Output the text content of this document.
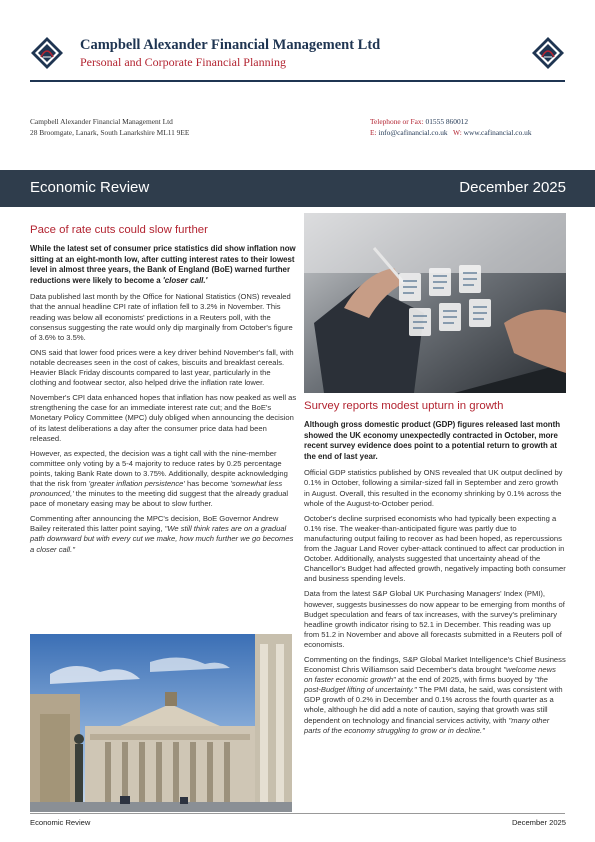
Campbell Alexander Financial Management Ltd
Personal and Corporate Financial Planning
Campbell Alexander Financial Management Ltd
28 Broomgate, Lanark, South Lanarkshire ML11 9EE
Telephone or Fax: 01555 860012
E: info@cafinancial.co.uk W: www.cafinancial.co.uk
Economic Review	December 2025
Pace of rate cuts could slow further

While the latest set of consumer price statistics did show inflation now sitting at an eight-month low, after cutting interest rates to their lowest level in almost three years, the Bank of England (BoE) warned further reductions were likely to become a 'closer call.'

Data published last month by the Office for National Statistics (ONS) revealed that the annual headline CPI rate of inflation fell to 3.2% in November. This reading was below all economists' predictions in a Reuters poll, with the consensus suggesting the rate would only dip marginally from October's figure of 3.6% to 3.5%.

ONS said that lower food prices were a key driver behind November's fall, with notable decreases seen in the cost of cakes, biscuits and breakfast cereals. Heavier Black Friday discounts compared to last year, particularly in the clothing and footwear sector, also helped drive the inflation rate lower.

November's CPI data enhanced hopes that inflation has now peaked as well as strengthening the case for an immediate interest rate cut; and the BoE's Monetary Policy Committee (MPC) duly obliged when announcing the decision of its latest deliberations a day after the consumer price data had been released.

However, as expected, the decision was a tight call with the nine-member committee only voting by a 5-4 majority to reduce rates by 0.25 percentage points, taking Bank Rate down to 3.75%. Additionally, despite acknowledging that the risk from 'greater inflation persistence' has become 'somewhat less pronounced,' the minutes to the meeting did suggest that the already gradual pace of monetary easing may be about to slow further.

Commenting after announcing the MPC's decision, BoE Governor Andrew Bailey reiterated this latter point saying, "We still think rates are on a gradual path downward but with every cut we make, how much further we go becomes a closer call."

Survey reports modest upturn in growth

Although gross domestic product (GDP) figures released last month showed the UK economy unexpectedly contracted in October, more recent survey evidence does point to a potential return to growth at the end of last year.

Official GDP statistics published by ONS revealed that UK output declined by 0.1% in October, following a similar-sized fall in September and zero growth in August. Overall, this resulted in the economy shrinking by 0.1% across the whole of the August-to-October period.

October's decline surprised economists who had typically been expecting a 0.1% rise. The weaker-than-anticipated figure was partly due to manufacturing output failing to recover as had been hoped, as repercussions from the Jaguar Land Rover cyber-attack continued to affect car production in October. Additionally, analysts suggested that uncertainty ahead of the Chancellor's Budget had affected growth, negatively impacting both consumer and business spending levels.

Data from the latest S&P Global UK Purchasing Managers' Index (PMI), however, suggests businesses do now appear to be emerging from months of Budget speculation and fears of tax increases, with the survey's preliminary headline growth indicator rising to 52.1 in December. This reading was up from 51.2 in November and above all forecasts submitted in a Reuters poll of economists.

Commenting on the findings, S&P Global Market Intelligence's Chief Business Economist Chris Williamson said December's data brought "welcome news on faster economic growth" at the end of 2025, with firms buoyed by "the post-Budget lifting of uncertainty." The PMI data, he said, was consistent with GDP growth of 0.2% in December and 0.1% across the fourth quarter as a whole, although he did add a note of caution, saying that growth was still dependent on technology and financial services activity, with "many other parts of the economy struggling to grow or in decline."

Economic Review	December 2025
